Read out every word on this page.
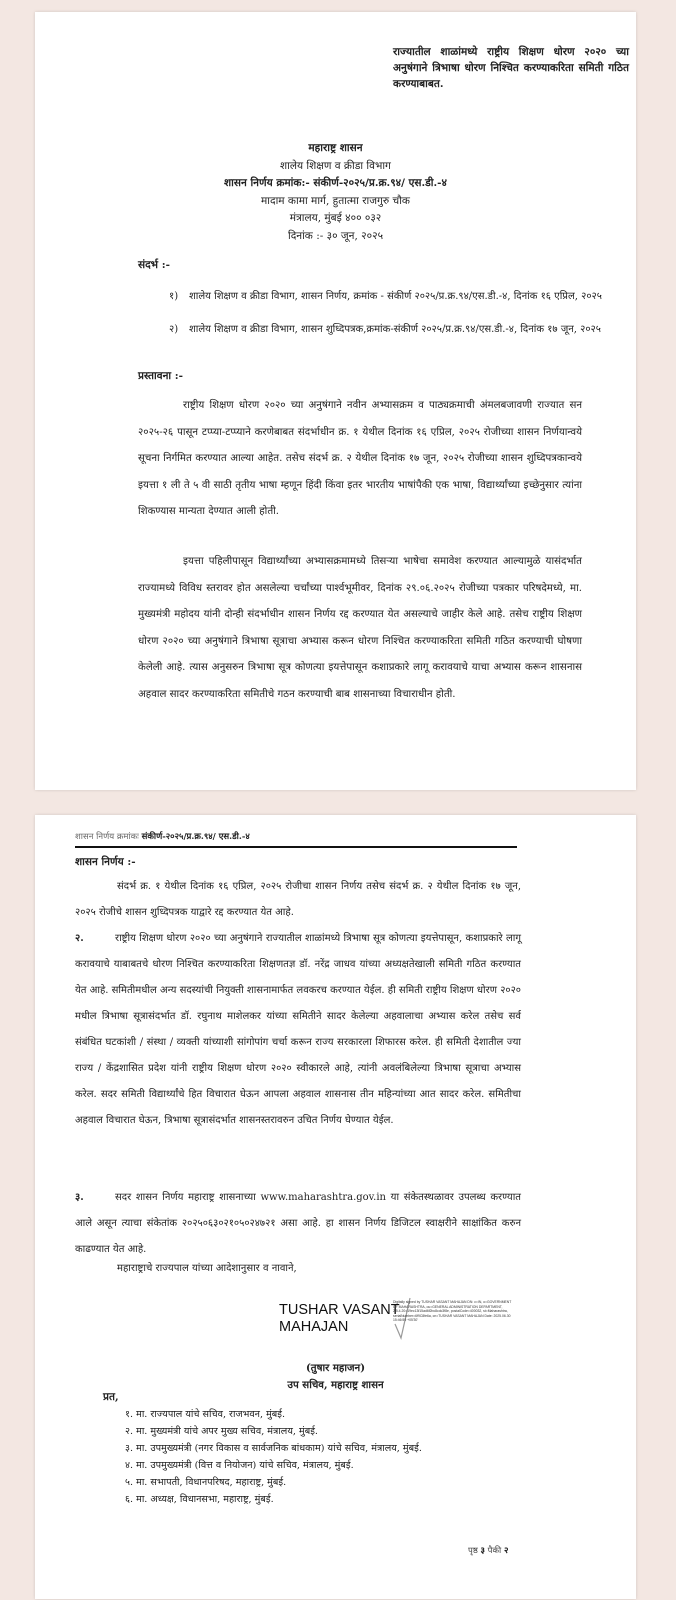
राज्यातील शाळांमध्ये राष्ट्रीय शिक्षण धोरण २०२० च्या अनुषंगाने त्रिभाषा धोरण निश्चित करण्याकरिता समिती गठित करण्याबाबत.
महाराष्ट्र शासन
शालेय शिक्षण व क्रीडा विभाग
शासन निर्णय क्रमांक:- संकीर्ण-२०२५/प्र.क्र.९४/ एस.डी.-४
मादाम कामा मार्ग, हुतात्मा राजगुरु चौक
मंत्रालय, मुंबई ४०० ०३२
दिनांक :- ३० जून, २०२५
संदर्भ :-
१) शालेय शिक्षण व क्रीडा विभाग, शासन निर्णय, क्रमांक - संकीर्ण २०२५/प्र.क्र.९४/एस.डी.-४, दिनांक १६ एप्रिल, २०२५
२) शालेय शिक्षण व क्रीडा विभाग, शासन शुध्दिपत्रक,क्रमांक-संकीर्ण २०२५/प्र.क्र.९४/एस.डी.-४, दिनांक १७ जून, २०२५
प्रस्तावना :-
राष्ट्रीय शिक्षण धोरण २०२० च्या अनुषंगाने नवीन अभ्यासक्रम व पाठ्यक्रमाची अंमलबजावणी राज्यात सन २०२५-२६ पासून टप्प्या-टप्प्याने करणेबाबत संदर्भाधीन क्र. १ येथील दिनांक १६ एप्रिल, २०२५ रोजीच्या शासन निर्णयान्वये सूचना निर्गमित करण्यात आल्या आहेत. तसेच संदर्भ क्र. २ येथील दिनांक १७ जून, २०२५ रोजीच्या शासन शुध्दिपत्रकान्वये इयत्ता १ ली ते ५ वी साठी तृतीय भाषा म्हणून हिंदी किंवा इतर भारतीय भाषांपैकी एक भाषा, विद्यार्थ्यांच्या इच्छेनुसार त्यांना शिकण्यास मान्यता देण्यात आली होती.
इयत्ता पहिलीपासून विद्यार्थ्यांच्या अभ्यासक्रमामध्ये तिसऱ्या भाषेचा समावेश करण्यात आल्यामुळे यासंदर्भात राज्यामध्ये विविध स्तरावर होत असलेल्या चर्चांच्या पार्श्वभूमीवर, दिनांक २९.०६.२०२५ रोजीच्या पत्रकार परिषदेमध्ये, मा. मुख्यमंत्री महोदय यांनी दोन्ही संदर्भाधीन शासन निर्णय रद्द करण्यात येत असल्याचे जाहीर केले आहे. तसेच राष्ट्रीय शिक्षण धोरण २०२० च्या अनुषंगाने त्रिभाषा सूत्राचा अभ्यास करून धोरण निश्चित करण्याकरिता समिती गठित करण्याची घोषणा केलेली आहे. त्यास अनुसरुन त्रिभाषा सूत्र कोणत्या इयत्तेपासून कशाप्रकारे लागू करावयाचे याचा अभ्यास करून शासनास अहवाल सादर करण्याकरिता समितीचे गठन करण्याची बाब शासनाच्या विचाराधीन होती.
शासन निर्णय क्रमांकः संकीर्ण-२०२५/प्र.क्र.९४/ एस.डी.-४
शासन निर्णय :-
संदर्भ क्र. १ येथील दिनांक १६ एप्रिल, २०२५ रोजीचा शासन निर्णय तसेच संदर्भ क्र. २ येथील दिनांक १७ जून, २०२५ रोजीचे शासन शुध्दिपत्रक याद्वारे रद्द करण्यात येत आहे.
२.	राष्ट्रीय शिक्षण धोरण २०२० च्या अनुषंगाने राज्यातील शाळांमध्ये त्रिभाषा सूत्र कोणत्या इयत्तेपासून, कशाप्रकारे लागू करावयाचे याबाबतचे धोरण निश्चित करण्याकरिता शिक्षणतज्ञ डॉ. नरेंद्र जाधव यांच्या अध्यक्षतेखाली समिती गठित करण्यात येत आहे. समितीमधील अन्य सदस्यांची नियुक्ती शासनामार्फत लवकरच करण्यात येईल. ही समिती राष्ट्रीय शिक्षण धोरण २०२० मधील त्रिभाषा सूत्रासंदर्भात डॉ. रघुनाथ माशेलकर यांच्या समितीने सादर केलेल्या अहवालाचा अभ्यास करेल तसेच सर्व संबंधित घटकांशी / संस्था / व्यक्ती यांच्याशी सांगोपांग चर्चा करून राज्य सरकारला शिफारस करेल. ही समिती देशातील ज्या राज्य / केंद्रशासित प्रदेश यांनी राष्ट्रीय शिक्षण धोरण २०२० स्वीकारले आहे, त्यांनी अवलंबिलेल्या त्रिभाषा सूत्राचा अभ्यास करेल. सदर समिती विद्यार्थ्यांचे हित विचारात घेऊन आपला अहवाल शासनास तीन महिन्यांच्या आत सादर करेल. समितीचा अहवाल विचारात घेऊन, त्रिभाषा सूत्रासंदर्भात शासनस्तरावरुन उचित निर्णय घेण्यात येईल.
३.	सदर शासन निर्णय महाराष्ट्र शासनाच्या www.maharashtra.gov.in या संकेतस्थळावर उपलब्ध करण्यात आले असून त्याचा संकेतांक २०२५०६३०२१०५०२४७२१ असा आहे. हा शासन निर्णय डिजिटल स्वाक्षरीने साक्षांकित करुन काढण्यात येत आहे.
महाराष्ट्राचे राज्यपाल यांच्या आदेशानुसार व नावाने,
TUSHAR VASANT
MAHAJAN
Digitally signed by TUSHAR VASANT MAHAJAN DN: c=IN, o=GOVERNMENT OF MAHARASHTRA, ou=GENERAL ADMINISTRATION DEPARTMENT, 2.5.4.20=19ec13f15ad6f2bc8cdc3f8e, postalCode=400032, st=Maharashtra, serialNumber=6f9C8fe6a, cn=TUSHAR VASANT MAHAJAN Date: 2025.06.30 15:46:59 +05'30'
(तुषार महाजन)
उप सचिव, महाराष्ट्र शासन
प्रत,
१. मा. राज्यपाल यांचे सचिव, राजभवन, मुंबई.
२. मा. मुख्यमंत्री यांचे अपर मुख्य सचिव, मंत्रालय, मुंबई.
३. मा. उपमुख्यमंत्री (नगर विकास व सार्वजनिक बांधकाम) यांचे सचिव, मंत्रालय, मुंबई.
४. मा. उपमुख्यमंत्री (वित्त व नियोजन) यांचे सचिव, मंत्रालय, मुंबई.
५. मा. सभापती, विधानपरिषद, महाराष्ट्र, मुंबई.
६. मा. अध्यक्ष, विधानसभा, महाराष्ट्र, मुंबई.
पृष्ठ ३ पैकी २
